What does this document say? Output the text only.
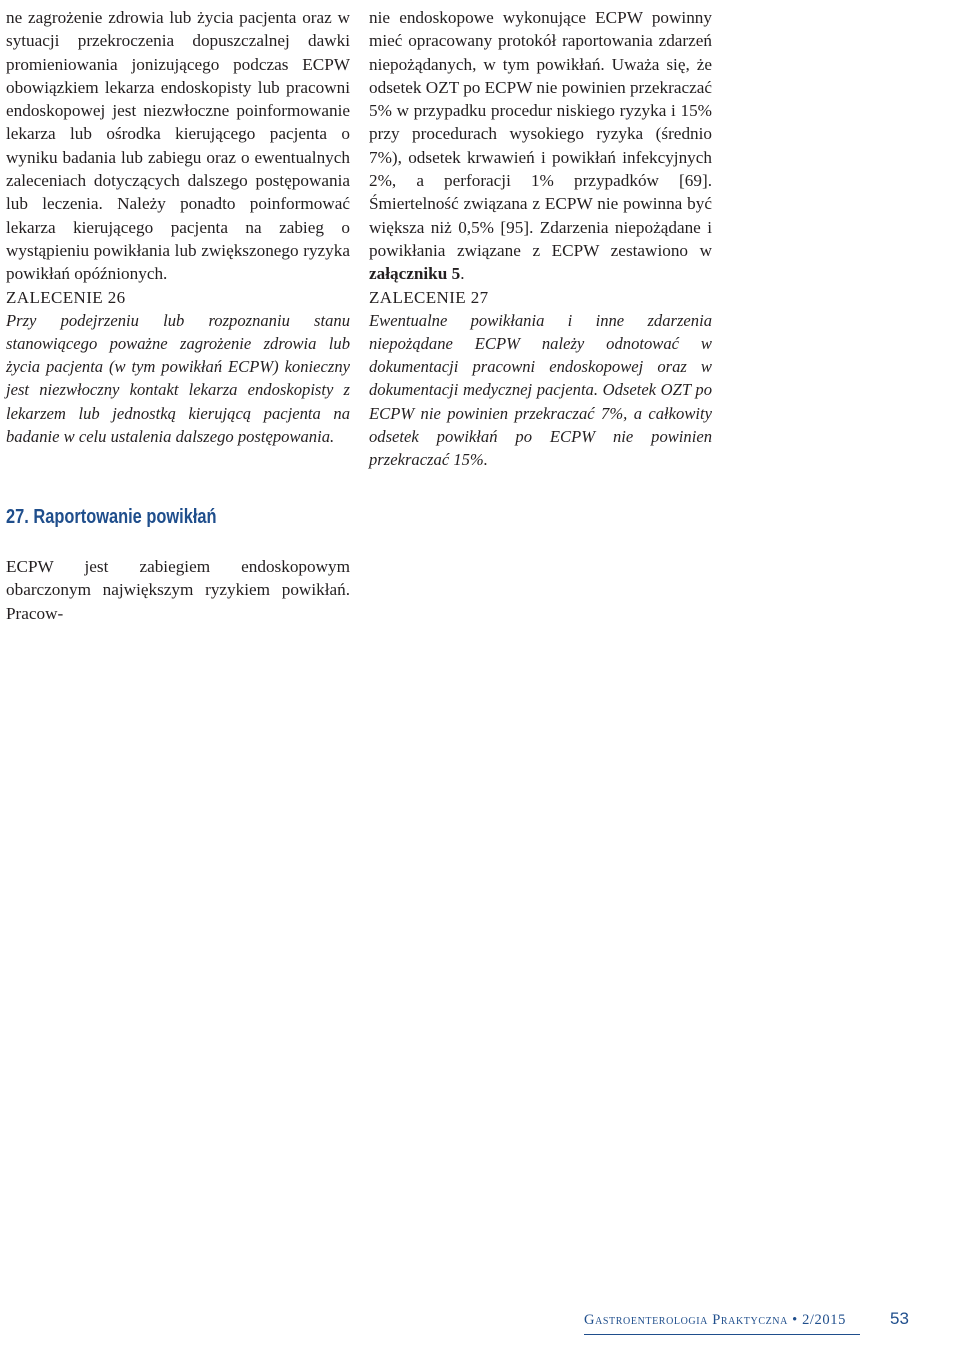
ne zagrożenie zdrowia lub życia pacjenta oraz w sytuacji przekroczenia dopuszczalnej dawki promieniowania jonizującego podczas ECPW obowiązkiem lekarza endoskopisty lub pracowni endoskopowej jest niezwłoczne poinformowanie lekarza lub ośrodka kierującego pacjenta o wyniku badania lub zabiegu oraz o ewentualnych zaleceniach dotyczących dalszego postępowania lub leczenia. Należy ponadto poinformować lekarza kierującego pacjenta na zabieg o wystąpieniu powikłania lub zwiększonego ryzyka powikłań opóźnionych.

ZALECENIE 26

Przy podejrzeniu lub rozpoznaniu stanu stanowiącego poważne zagrożenie zdrowia lub życia pacjenta (w tym powikłań ECPW) konieczny jest niezwłoczny kontakt lekarza endoskopisty z lekarzem lub jednostką kierującą pacjenta na badanie w celu ustalenia dalszego postępowania.

nie endoskopowe wykonujące ECPW powinny mieć opracowany protokół raportowania zdarzeń niepożądanych, w tym powikłań. Uważa się, że odsetek OZT po ECPW nie powinien przekraczać 5% w przypadku procedur niskiego ryzyka i 15% przy procedurach wysokiego ryzyka (średnio 7%), odsetek krwawień i powikłań infekcyjnych 2%, a perforacji 1% przypadków [69]. Śmiertelność związana z ECPW nie powinna być większa niż 0,5% [95]. Zdarzenia niepożądane i powikłania związane z ECPW zestawiono w załączniku 5.

ZALECENIE 27

Ewentualne powikłania i inne zdarzenia niepożądane ECPW należy odnotować w dokumentacji pracowni endoskopowej oraz w dokumentacji medycznej pacjenta. Odsetek OZT po ECPW nie powinien przekraczać 7%, a całkowity odsetek powikłań po ECPW nie powinien przekraczać 15%.

27. Raportowanie powikłań

ECPW jest zabiegiem endoskopowym obarczonym największym ryzykiem powikłań. Pracow-

Gastroenterologia Praktyczna • 2/2015	53
